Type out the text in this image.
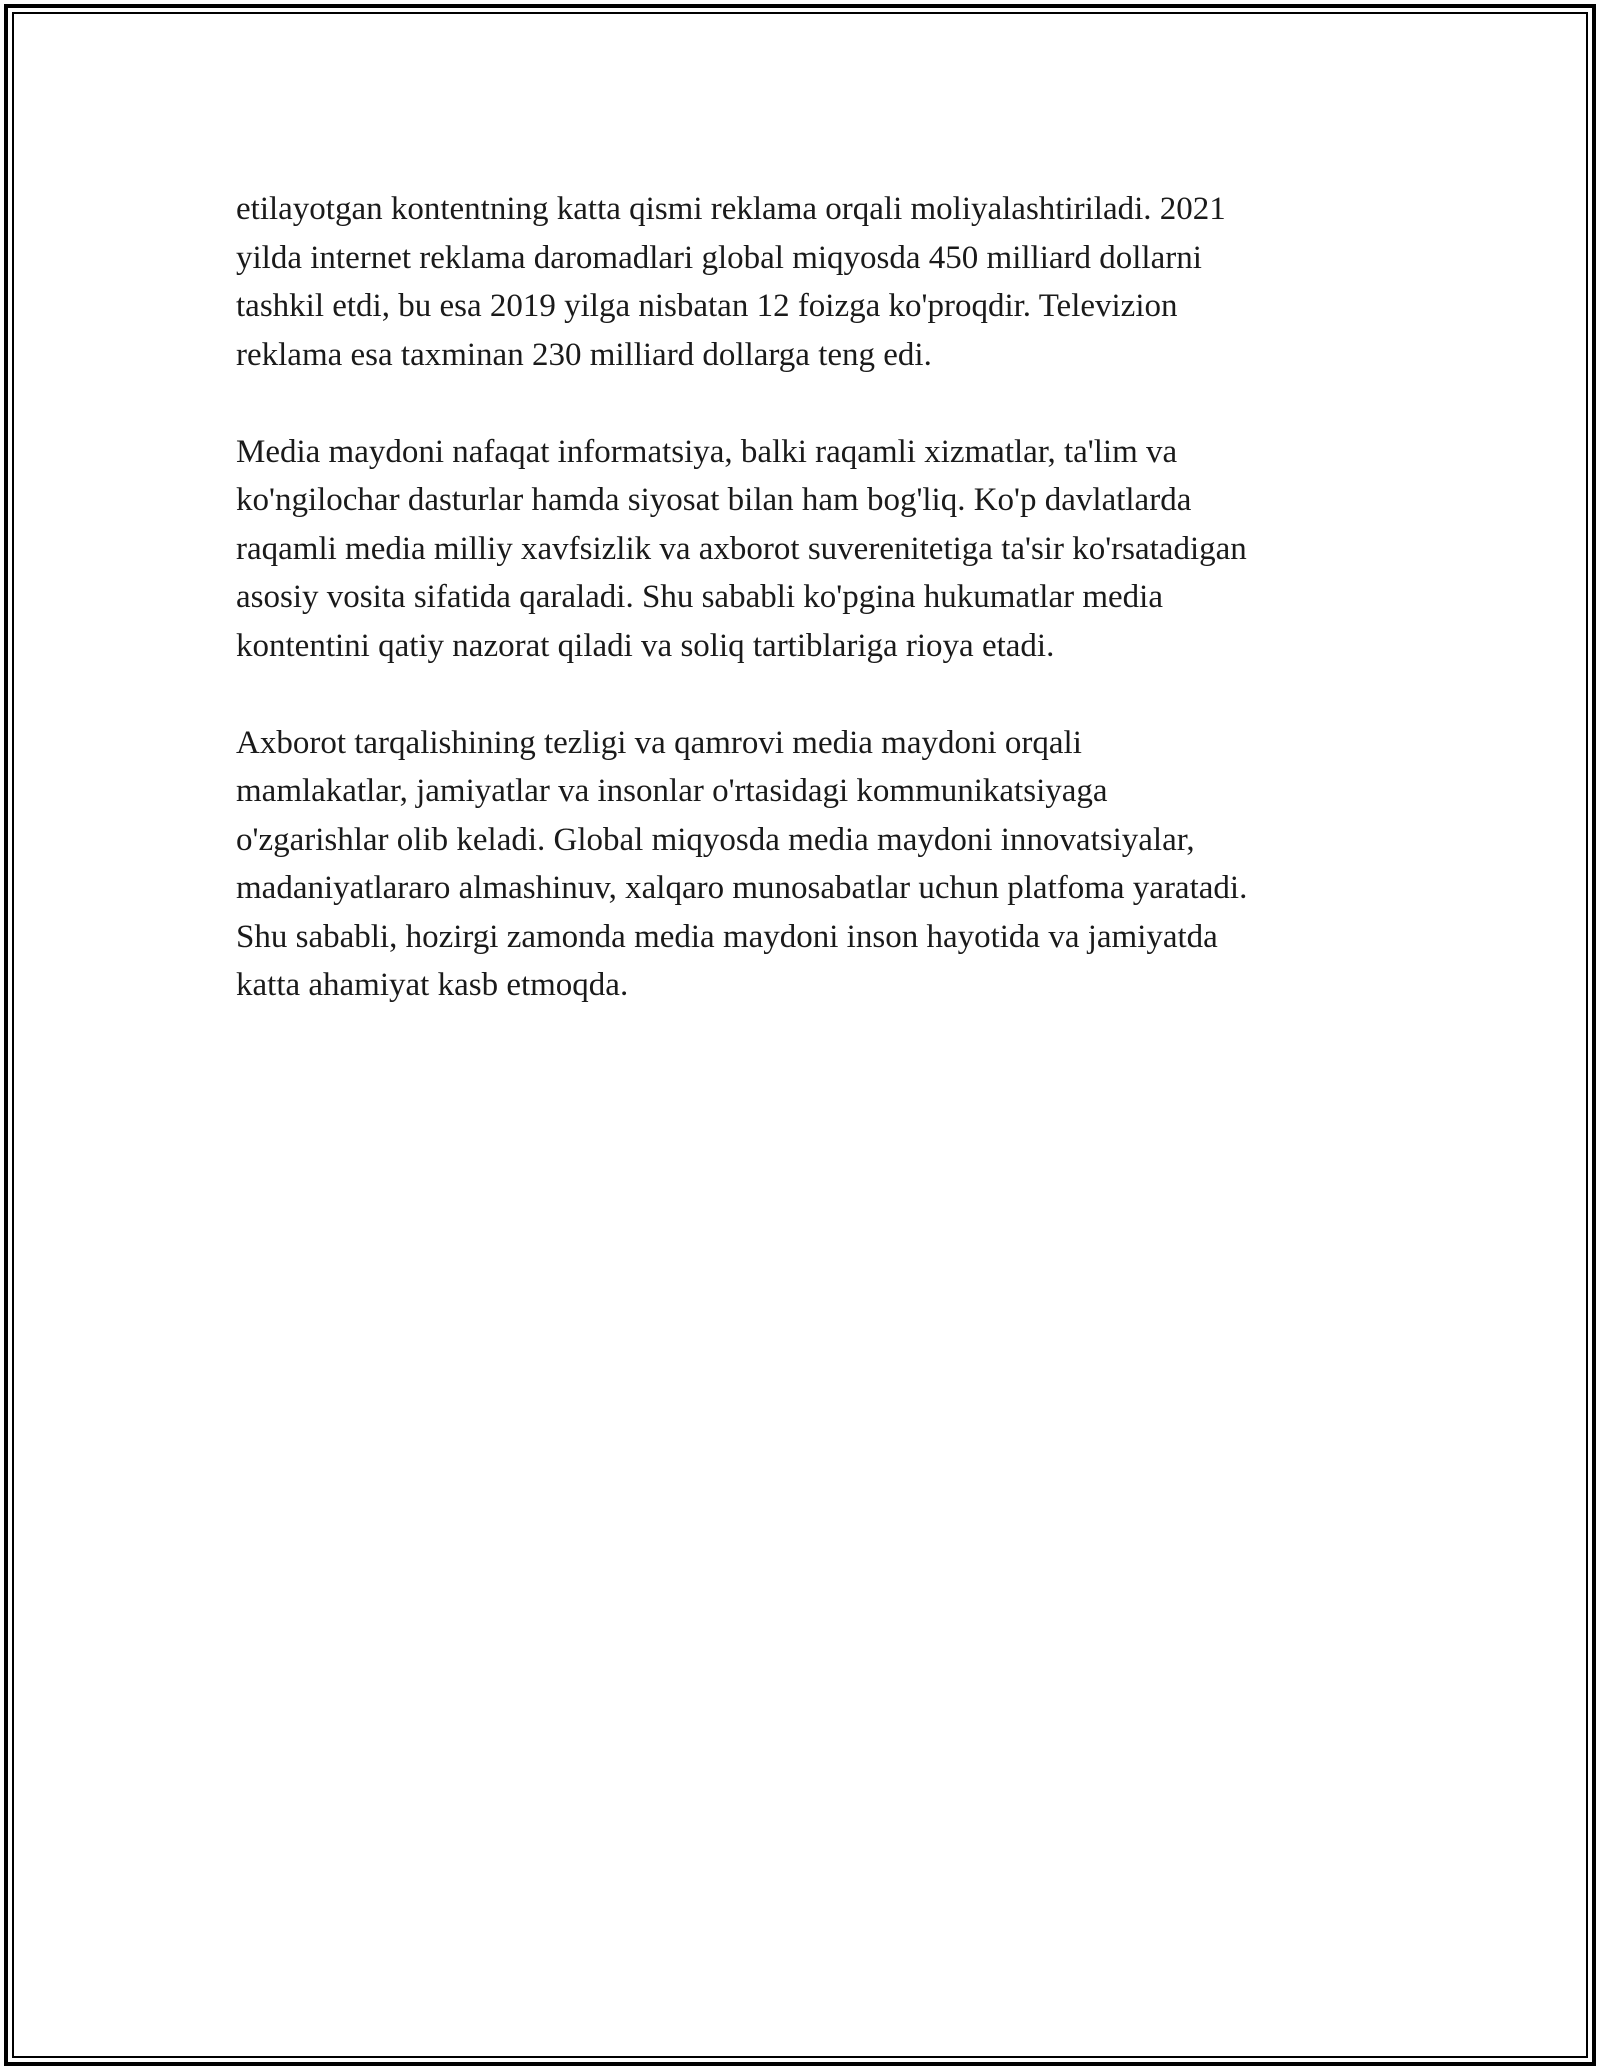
etilayotgan kontentning katta qismi reklama orqali moliyalashtiriladi. 2021
yilda internet reklama daromadlari global miqyosda 450 milliard dollarni
tashkil etdi, bu esa 2019 yilga nisbatan 12 foizga ko'proqdir. Televizion
reklama esa taxminan 230 milliard dollarga teng edi.

Media maydoni nafaqat informatsiya, balki raqamli xizmatlar, ta'lim va
ko'ngilochar dasturlar hamda siyosat bilan ham bog'liq. Ko'p davlatlarda
raqamli media milliy xavfsizlik va axborot suverenitetiga ta'sir ko'rsatadigan
asosiy vosita sifatida qaraladi. Shu sababli ko'pgina hukumatlar media
kontentini qatiy nazorat qiladi va soliq tartiblariga rioya etadi.

Axborot tarqalishining tezligi va qamrovi media maydoni orqali
mamlakatlar, jamiyatlar va insonlar o'rtasidagi kommunikatsiyaga
o'zgarishlar olib keladi. Global miqyosda media maydoni innovatsiyalar,
madaniyatlararo almashinuv, xalqaro munosabatlar uchun platfoma yaratadi.
Shu sababli, hozirgi zamonda media maydoni inson hayotida va jamiyatda
katta ahamiyat kasb etmoqda.
